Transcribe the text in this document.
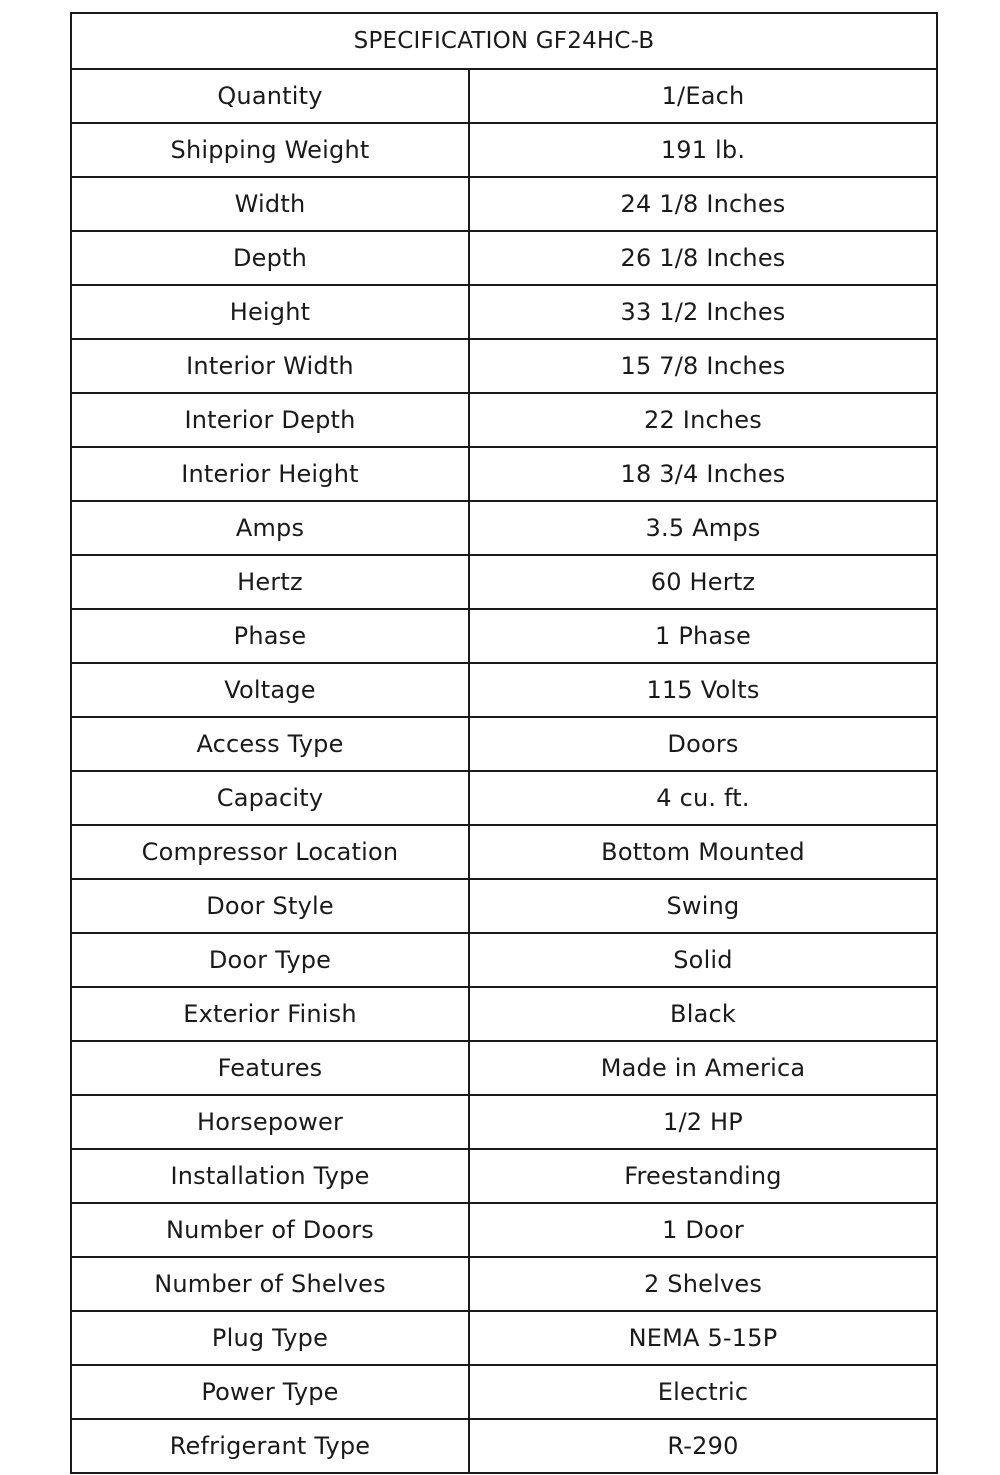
SPECIFICATION GF24HC-B	
Quantity	1/Each
Shipping Weight	191 lb.
Width	24 1/8 Inches
Depth	26 1/8 Inches
Height	33 1/2 Inches
Interior Width	15 7/8 Inches
Interior Depth	22 Inches
Interior Height	18 3/4 Inches
Amps	3.5 Amps
Hertz	60 Hertz
Phase	1 Phase
Voltage	115 Volts
Access Type	Doors
Capacity	4 cu. ft.
Compressor Location	Bottom Mounted
Door Style	Swing
Door Type	Solid
Exterior Finish	Black
Features	Made in America
Horsepower	1/2 HP
Installation Type	Freestanding
Number of Doors	1 Door
Number of Shelves	2 Shelves
Plug Type	NEMA 5-15P
Power Type	Electric
Refrigerant Type	R-290
